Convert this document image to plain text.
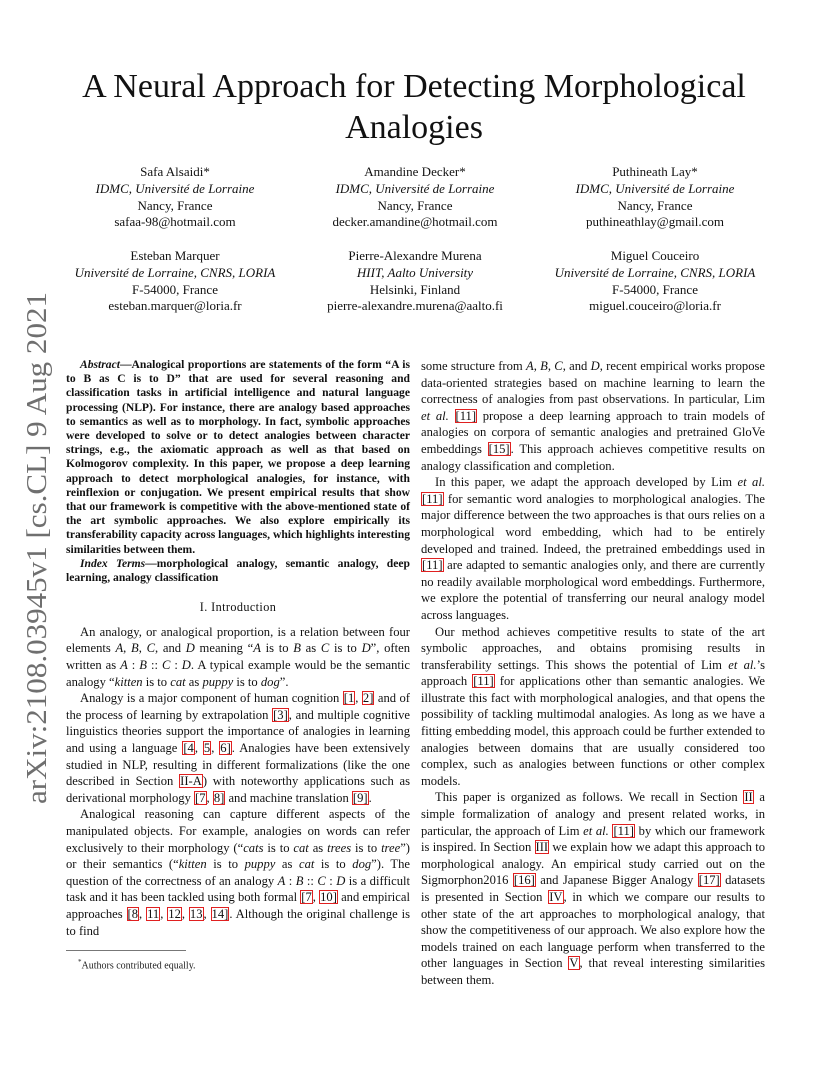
arXiv:2108.03945v1 [cs.CL] 9 Aug 2021
A Neural Approach for Detecting Morphological
Analogies
Safa Alsaidi*
IDMC, Université de Lorraine
Nancy, France
safaa-98@hotmail.com
Amandine Decker*
IDMC, Université de Lorraine
Nancy, France
decker.amandine@hotmail.com
Puthineath Lay*
IDMC, Université de Lorraine
Nancy, France
puthineathlay@gmail.com
Esteban Marquer
Université de Lorraine, CNRS, LORIA
F-54000, France
esteban.marquer@loria.fr
Pierre-Alexandre Murena
HIIT, Aalto University
Helsinki, Finland
pierre-alexandre.murena@aalto.fi
Miguel Couceiro
Université de Lorraine, CNRS, LORIA
F-54000, France
miguel.couceiro@loria.fr

Abstract—Analogical proportions are statements of the form “A is to B as C is to D” that are used for several reasoning and classification tasks in artificial intelligence and natural language processing (NLP). For instance, there are analogy based approaches to semantics as well as to morphology. In fact, symbolic approaches were developed to solve or to detect analogies between character strings, e.g., the axiomatic approach as well as that based on Kolmogorov complexity. In this paper, we propose a deep learning approach to detect morphological analogies, for instance, with reinflexion or conjugation. We present empirical results that show that our framework is competitive with the above-mentioned state of the art symbolic approaches. We also explore empirically its transferability capacity across languages, which highlights interesting similarities between them.

Index Terms—morphological analogy, semantic analogy, deep learning, analogy classification

I. Introduction

An analogy, or analogical proportion, is a relation between four elements A, B, C, and D meaning “A is to B as C is to D”, often written as A : B :: C : D. A typical example would be the semantic analogy “kitten is to cat as puppy is to dog”.

Analogy is a major component of human cognition [1, 2] and of the process of learning by extrapolation [3], and multiple cognitive linguistics theories support the importance of analogies in learning and using a language [4, 5, 6]. Analogies have been extensively studied in NLP, resulting in different formalizations (like the one described in Section II-A) with noteworthy applications such as derivational morphology [7, 8] and machine translation [9].

Analogical reasoning can capture different aspects of the manipulated objects. For example, analogies on words can refer exclusively to their morphology (“cats is to cat as trees is to tree”) or their semantics (“kitten is to puppy as cat is to dog”). The question of the correctness of an analogy A : B :: C : D is a difficult task and it has been tackled using both formal [7, 10] and empirical approaches [8, 11, 12, 13, 14]. Although the original challenge is to find

some structure from A, B, C, and D, recent empirical works propose data-oriented strategies based on machine learning to learn the correctness of analogies from past observations. In particular, Lim et al. [11] propose a deep learning approach to train models of analogies on corpora of semantic analogies and pretrained GloVe embeddings [15]. This approach achieves competitive results on analogy classification and completion.

In this paper, we adapt the approach developed by Lim et al. [11] for semantic word analogies to morphological analogies. The major difference between the two approaches is that ours relies on a morphological word embedding, which had to be entirely developed and trained. Indeed, the pretrained embeddings used in [11] are adapted to semantic analogies only, and there are currently no readily available morphological word embeddings. Furthermore, we explore the potential of transferring our neural analogy model across languages.

Our method achieves competitive results to state of the art symbolic approaches, and obtains promising results in transferability settings. This shows the potential of Lim et al.’s approach [11] for applications other than semantic analogies. We illustrate this fact with morphological analogies, and that opens the possibility of tackling multimodal analogies. As long as we have a fitting embedding model, this approach could be further extended to analogies between domains that are usually considered too complex, such as analogies between functions or other complex models.

This paper is organized as follows. We recall in Section II a simple formalization of analogy and present related works, in particular, the approach of Lim et al. [11] by which our framework is inspired. In Section III we explain how we adapt this approach to morphological analogy. An empirical study carried out on the Sigmorphon2016 [16] and Japanese Bigger Analogy [17] datasets is presented in Section IV, in which we compare our results to other state of the art approaches to morphological analogy, that show the competitiveness of our approach. We also explore how the models trained on each language perform when transferred to the other languages in Section V, that reveal interesting similarities between them.

*Authors contributed equally.
